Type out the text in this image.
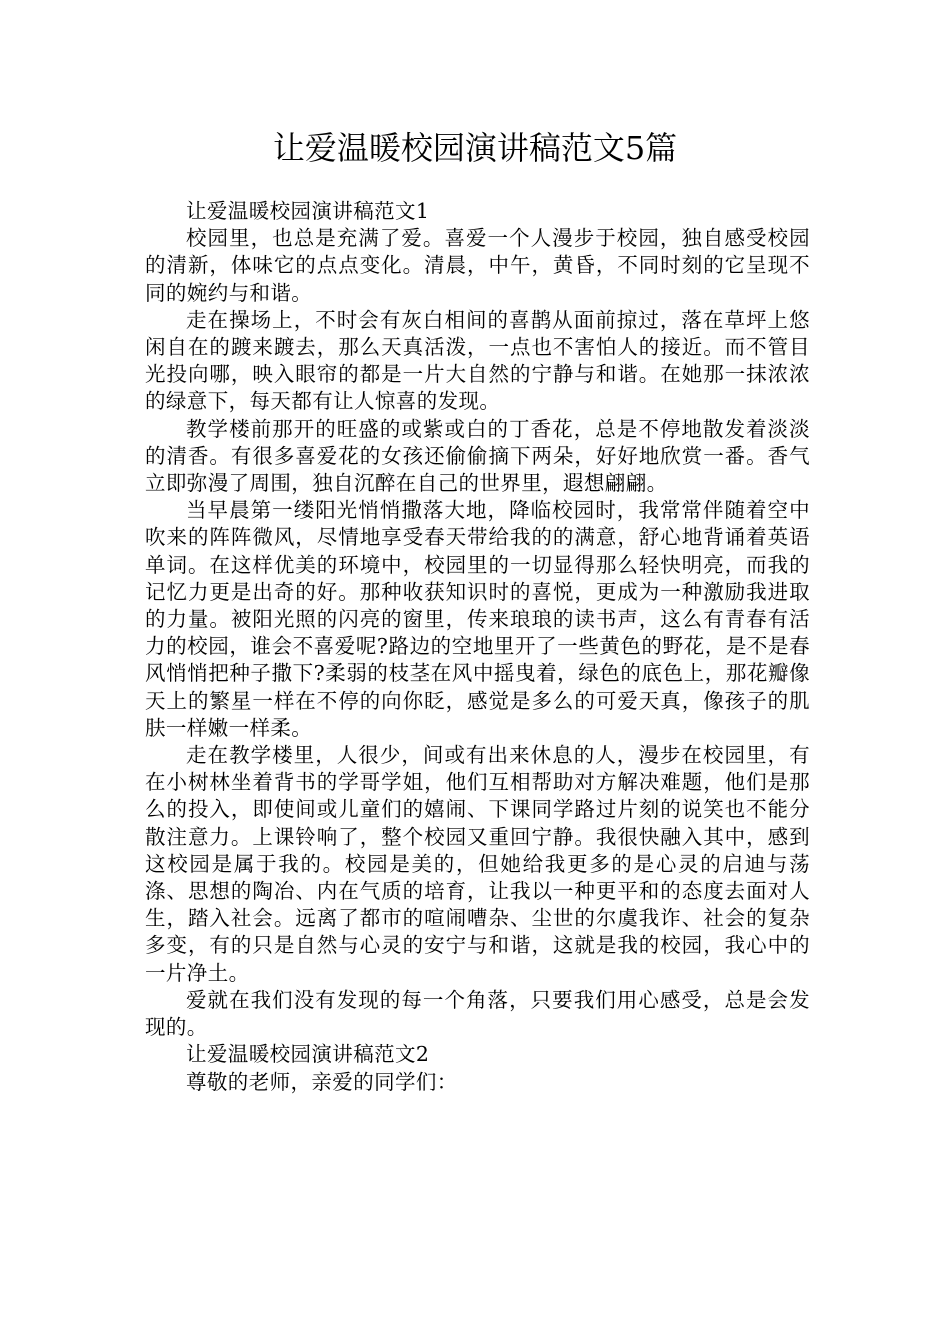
让爱温暖校园演讲稿范文5篇

让爱温暖校园演讲稿范文1

校园里，也总是充满了爱。喜爱一个人漫步于校园，独自感受校园的清新，体味它的点点变化。清晨，中午，黄昏，不同时刻的它呈现不同的婉约与和谐。

走在操场上，不时会有灰白相间的喜鹊从面前掠过，落在草坪上悠闲自在的踱来踱去，那么天真活泼，一点也不害怕人的接近。而不管目光投向哪，映入眼帘的都是一片大自然的宁静与和谐。在她那一抹浓浓的绿意下，每天都有让人惊喜的发现。

教学楼前那开的旺盛的或紫或白的丁香花，总是不停地散发着淡淡的清香。有很多喜爱花的女孩还偷偷摘下两朵，好好地欣赏一番。香气立即弥漫了周围，独自沉醉在自己的世界里，遐想翩翩。

当早晨第一缕阳光悄悄撒落大地，降临校园时，我常常伴随着空中吹来的阵阵微风，尽情地享受春天带给我的的满意，舒心地背诵着英语单词。在这样优美的环境中，校园里的一切显得那么轻快明亮，而我的记忆力更是出奇的好。那种收获知识时的喜悦，更成为一种激励我进取的力量。被阳光照的闪亮的窗里，传来琅琅的读书声，这么有青春有活力的校园，谁会不喜爱呢?路边的空地里开了一些黄色的野花，是不是春风悄悄把种子撒下?柔弱的枝茎在风中摇曳着，绿色的底色上，那花瓣像天上的繁星一样在不停的向你眨，感觉是多么的可爱天真，像孩子的肌肤一样嫩一样柔。

走在教学楼里，人很少，间或有出来休息的人，漫步在校园里，有在小树林坐着背书的学哥学姐，他们互相帮助对方解决难题，他们是那么的投入，即使间或儿童们的嬉闹、下课同学路过片刻的说笑也不能分散注意力。上课铃响了，整个校园又重回宁静。我很快融入其中，感到这校园是属于我的。校园是美的，但她给我更多的是心灵的启迪与荡涤、思想的陶冶、内在气质的培育，让我以一种更平和的态度去面对人生，踏入社会。远离了都市的喧闹嘈杂、尘世的尔虞我诈、社会的复杂多变，有的只是自然与心灵的安宁与和谐，这就是我的校园，我心中的一片净土。

爱就在我们没有发现的每一个角落，只要我们用心感受，总是会发现的。

让爱温暖校园演讲稿范文2

尊敬的老师，亲爱的同学们：
